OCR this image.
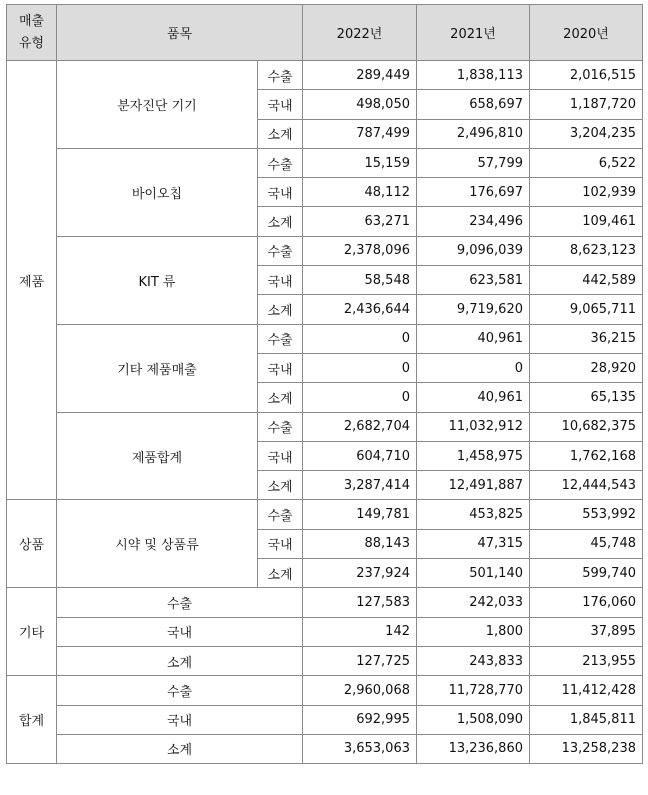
매출
유형	품목		2022년	2021년	2020년
제품	분자진단 기기	수출	289,449	1,838,113	2,016,515
		국내	498,050	658,697	1,187,720
		소계	787,499	2,496,810	3,204,235
	바이오칩	수출	15,159	57,799	6,522
		국내	48,112	176,697	102,939
		소계	63,271	234,496	109,461
	KIT 류	수출	2,378,096	9,096,039	8,623,123
		국내	58,548	623,581	442,589
		소계	2,436,644	9,719,620	9,065,711
	기타 제품매출	수출	0	40,961	36,215
		국내	0	0	28,920
		소계	0	40,961	65,135
	제품합계	수출	2,682,704	11,032,912	10,682,375
		국내	604,710	1,458,975	1,762,168
		소계	3,287,414	12,491,887	12,444,543
상품	시약 및 상품류	수출	149,781	453,825	553,992
		국내	88,143	47,315	45,748
		소계	237,924	501,140	599,740
기타	수출		127,583	242,033	176,060
	국내		142	1,800	37,895
	소계		127,725	243,833	213,955
합계	수출		2,960,068	11,728,770	11,412,428
	국내		692,995	1,508,090	1,845,811
	소계		3,653,063	13,236,860	13,258,238
